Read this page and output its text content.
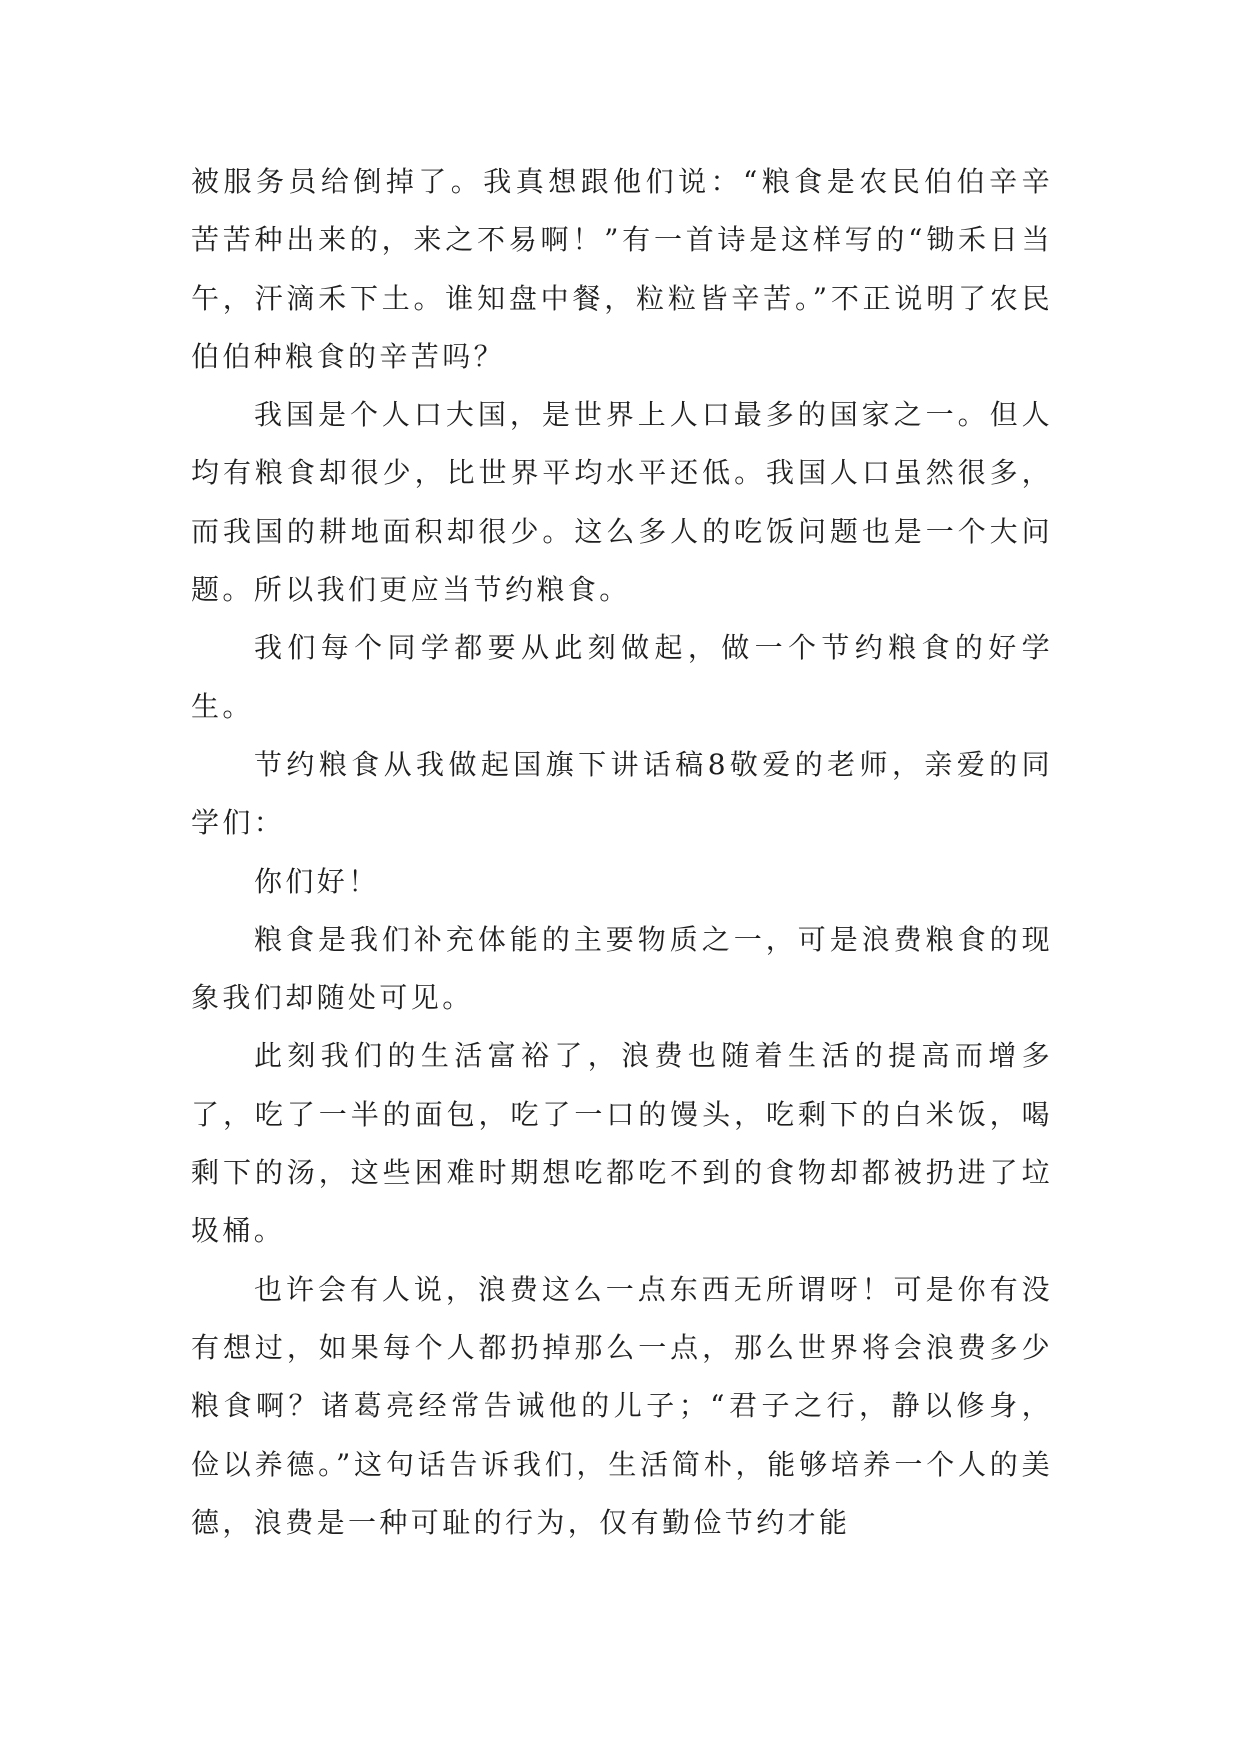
被服务员给倒掉了。我真想跟他们说：“粮食是农民伯伯辛辛苦苦种出来的，来之不易啊！”有一首诗是这样写的“锄禾日当午，汗滴禾下土。谁知盘中餐，粒粒皆辛苦。”不正说明了农民伯伯种粮食的辛苦吗？

我国是个人口大国，是世界上人口最多的国家之一。但人均有粮食却很少，比世界平均水平还低。我国人口虽然很多，而我国的耕地面积却很少。这么多人的吃饭问题也是一个大问题。所以我们更应当节约粮食。

我们每个同学都要从此刻做起，做一个节约粮食的好学生。

节约粮食从我做起国旗下讲话稿8敬爱的老师，亲爱的同学们：

你们好！

粮食是我们补充体能的主要物质之一，可是浪费粮食的现象我们却随处可见。

此刻我们的生活富裕了，浪费也随着生活的提高而增多了，吃了一半的面包，吃了一口的馒头，吃剩下的白米饭，喝剩下的汤，这些困难时期想吃都吃不到的食物却都被扔进了垃圾桶。

也许会有人说，浪费这么一点东西无所谓呀！可是你有没有想过，如果每个人都扔掉那么一点，那么世界将会浪费多少粮食啊？诸葛亮经常告诫他的儿子；“君子之行，静以修身，俭以养德。”这句话告诉我们，生活简朴，能够培养一个人的美德，浪费是一种可耻的行为，仅有勤俭节约才能
